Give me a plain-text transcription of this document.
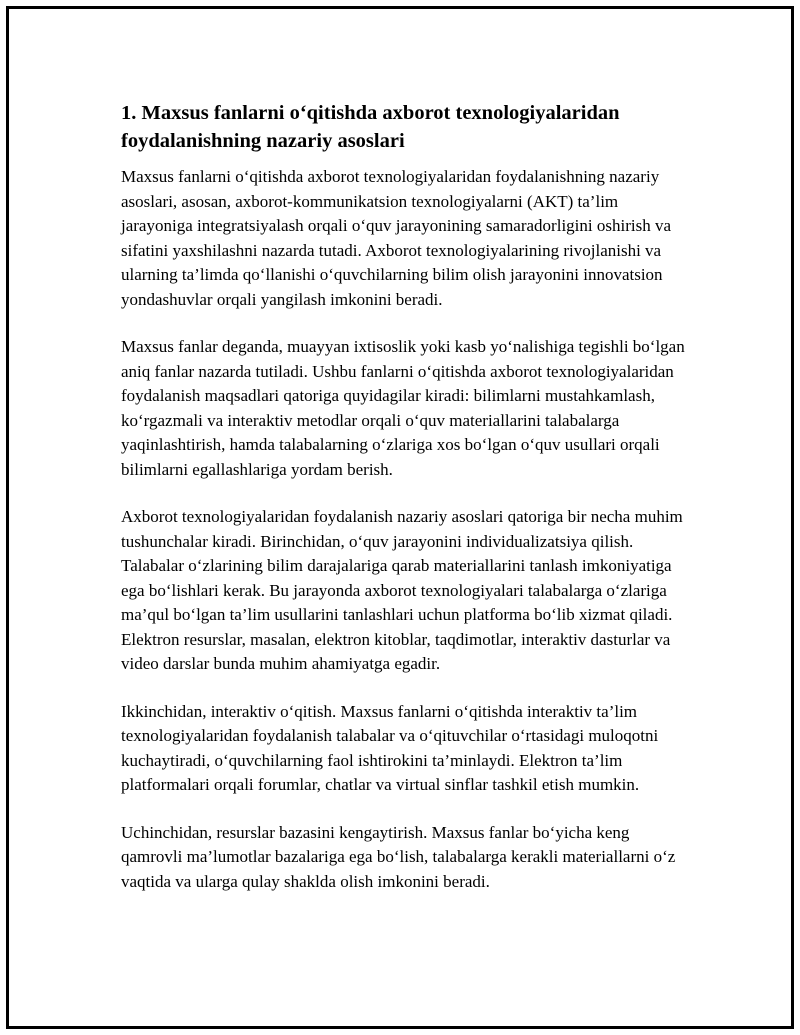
1. Maxsus fanlarni o‘qitishda axborot texnologiyalaridan foydalanishning nazariy asoslari

Maxsus fanlarni o‘qitishda axborot texnologiyalaridan foydalanishning nazariy asoslari, asosan, axborot-kommunikatsion texnologiyalarni (AKT) ta’lim jarayoniga integratsiyalash orqali o‘quv jarayonining samaradorligini oshirish va sifatini yaxshilashni nazarda tutadi. Axborot texnologiyalarining rivojlanishi va ularning ta’limda qo‘llanishi o‘quvchilarning bilim olish jarayonini innovatsion yondashuvlar orqali yangilash imkonini beradi.

Maxsus fanlar deganda, muayyan ixtisoslik yoki kasb yo‘nalishiga tegishli bo‘lgan aniq fanlar nazarda tutiladi. Ushbu fanlarni o‘qitishda axborot texnologiyalaridan foydalanish maqsadlari qatoriga quyidagilar kiradi: bilimlarni mustahkamlash, ko‘rgazmali va interaktiv metodlar orqali o‘quv materiallarini talabalarga yaqinlashtirish, hamda talabalarning o‘zlariga xos bo‘lgan o‘quv usullari orqali bilimlarni egallashlariga yordam berish.

Axborot texnologiyalaridan foydalanish nazariy asoslari qatoriga bir necha muhim tushunchalar kiradi. Birinchidan, o‘quv jarayonini individualizatsiya qilish. Talabalar o‘zlarining bilim darajalariga qarab materiallarini tanlash imkoniyatiga ega bo‘lishlari kerak. Bu jarayonda axborot texnologiyalari talabalarga o‘zlariga ma’qul bo‘lgan ta’lim usullarini tanlashlari uchun platforma bo‘lib xizmat qiladi. Elektron resurslar, masalan, elektron kitoblar, taqdimotlar, interaktiv dasturlar va video darslar bunda muhim ahamiyatga egadir.

Ikkinchidan, interaktiv o‘qitish. Maxsus fanlarni o‘qitishda interaktiv ta’lim texnologiyalaridan foydalanish talabalar va o‘qituvchilar o‘rtasidagi muloqotni kuchaytiradi, o‘quvchilarning faol ishtirokini ta’minlaydi. Elektron ta’lim platformalari orqali forumlar, chatlar va virtual sinflar tashkil etish mumkin.

Uchinchidan, resurslar bazasini kengaytirish. Maxsus fanlar bo‘yicha keng qamrovli ma’lumotlar bazalariga ega bo‘lish, talabalarga kerakli materiallarni o‘z vaqtida va ularga qulay shaklda olish imkonini beradi.
